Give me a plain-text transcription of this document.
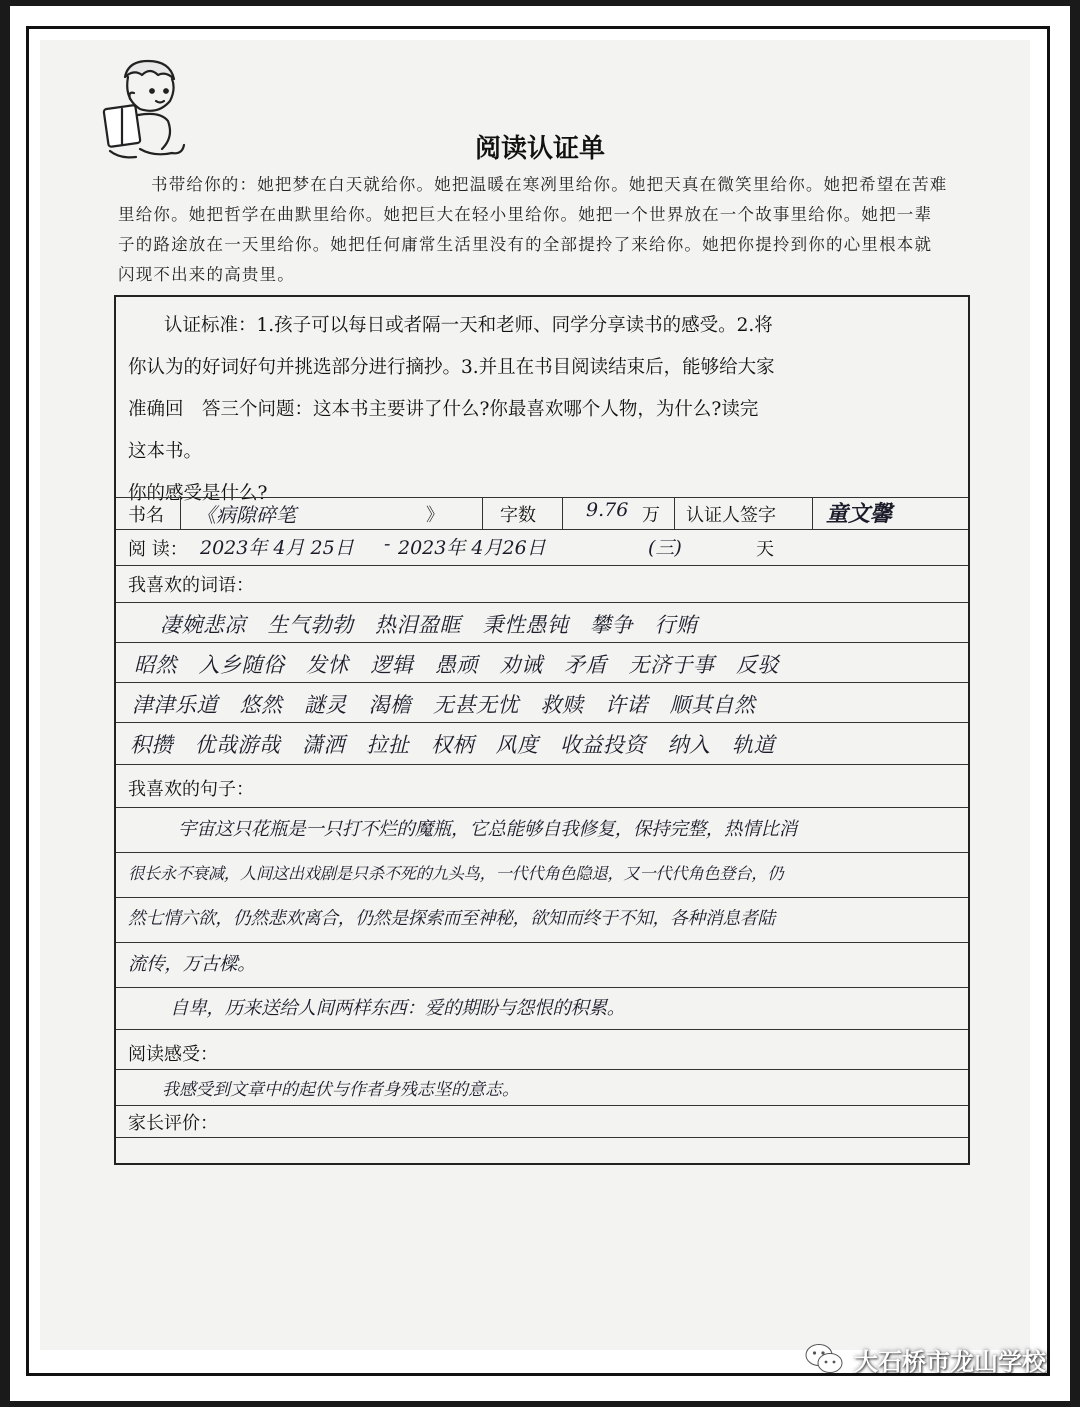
阅读认证单
书带给你的：她把梦在白天就给你。她把温暖在寒冽里给你。她把天真在微笑里给你。她把希望在苦难里给你。她把哲学在曲默里给你。她把巨大在轻小里给你。她把一个世界放在一个故事里给你。她把一辈子的路途放在一天里给你。她把任何庸常生活里没有的全部提拎了来给你。她把你提拎到你的心里根本就闪现不出来的高贵里。
认证标准：1.孩子可以每日或者隔一天和老师、同学分享读书的感受。2.将
你认为的好词好句并挑选部分进行摘抄。3.并且在书目阅读结束后，能够给大家
准确回　答三个问题：这本书主要讲了什么?你最喜欢哪个人物，为什么?读完
这本书。
你的感受是什么?
书名 《病隙碎笔	》	字数	9.76 万 认证人签字 童文馨
阅 读： 2023年 4月 25日 - 2023年 4月26日	(三)	天
我喜欢的词语：
凄婉悲凉　生气勃勃　热泪盈眶　秉性愚钝　攀争　行贿
昭然　入乡随俗　发怵　逻辑　愚顽　劝诫　矛盾　无济于事　反驳
津津乐道　悠然　謎灵　渴檐　无甚无忧　救赎　许诺　顺其自然
积攒　优哉游哉　潇洒　拉扯　权柄　风度　收益投资　纳入　轨道
我喜欢的句子：
宇宙这只花瓶是一只打不烂的魔瓶，它总能够自我修复，保持完整，热情比消
很长永不衰减，人间这出戏剧是只杀不死的九头鸟，一代代角色隐退，又一代代角色登台，仍
然七情六欲，仍然悲欢离合，仍然是探索而至神秘，欲知而终于不知，各种消息者陆
流传，万古樑。
自卑，历来送给人间两样东西：爱的期盼与怨恨的积累。
阅读感受：
我感受到文章中的起伏与作者身残志坚的意志。
家长评价：
大石桥市龙山学校
